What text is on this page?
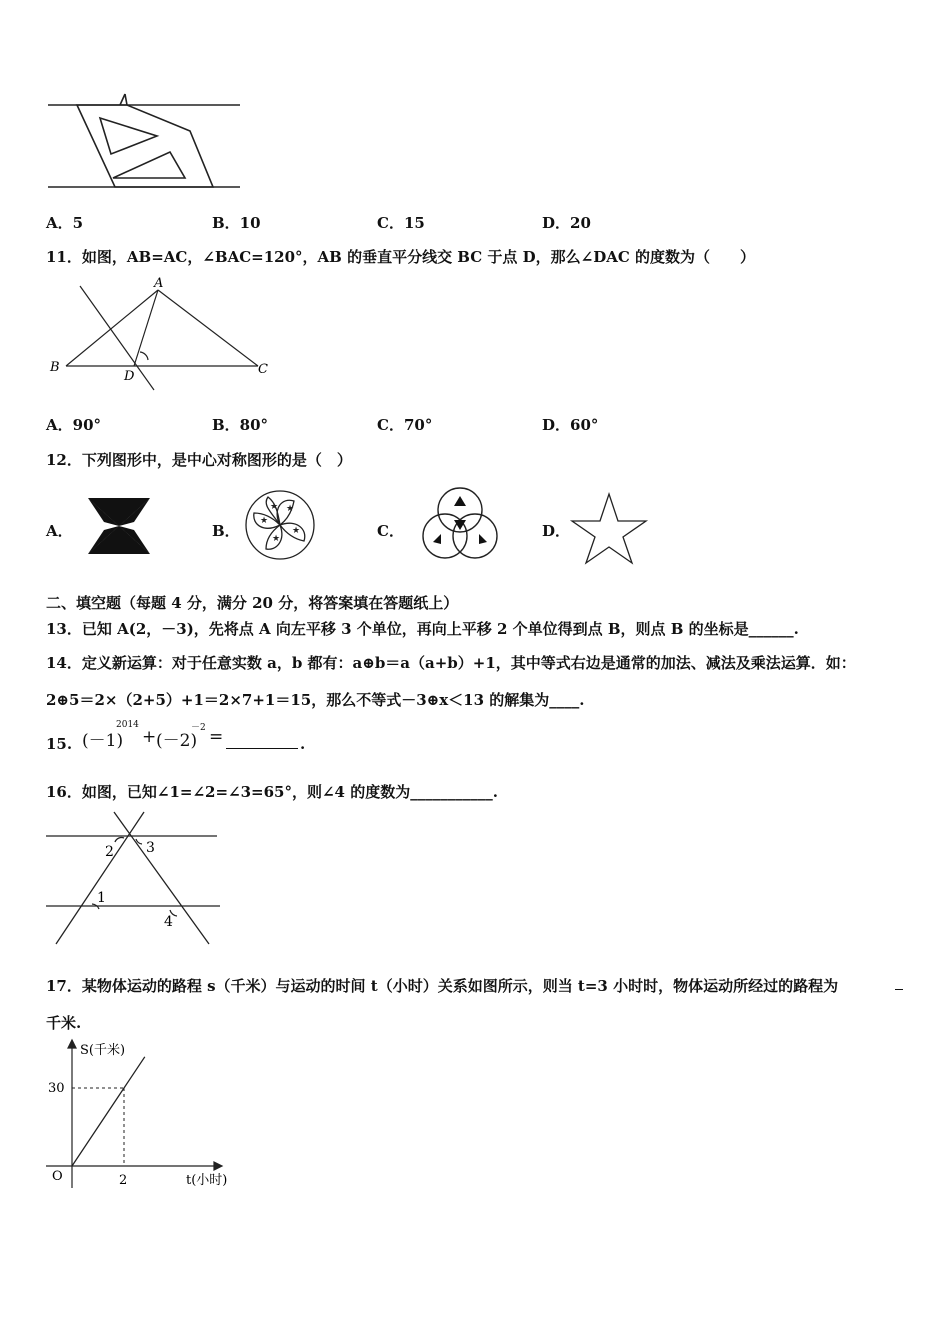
A．5	B．10	C．15	D．20
11．如图，AB=AC，∠BAC=120°，AB 的垂直平分线交 BC 于点 D，那么∠DAC 的度数为（　　）
A
B	C
D
A．90°	B．80°	C．70°	D．60°
12．下列图形中，是中心对称图形的是（　）
A．	B．
★
★
★
★
★
C．	D．
二、填空题（每题 4 分，满分 20 分，将答案填在答题纸上）
13．已知 A(2，－3)，先将点 A 向左平移 3 个单位，再向上平移 2 个单位得到点 B，则点 B 的坐标是______.
14．定义新运算：对于任意实数 a，b 都有：a⊕b＝a（a+b）+1，其中等式右边是通常的加法、减法及乘法运算．如：
2⊕5＝2×（2+5）+1＝2×7+1＝15，那么不等式－3⊕x＜13 的解集为____.
15. (－1)
2014
+ (－2)
－2 =	.
16．如图，已知∠1=∠2=∠3=65°，则∠4 的度数为___________.
1
2 3
4
17．某物体运动的路程 s（千米）与运动的时间 t（小时）关系如图所示，则当 t=3 小时时，物体运动所经过的路程为
千米.
S(千米)
t(小时)
O
30
2
